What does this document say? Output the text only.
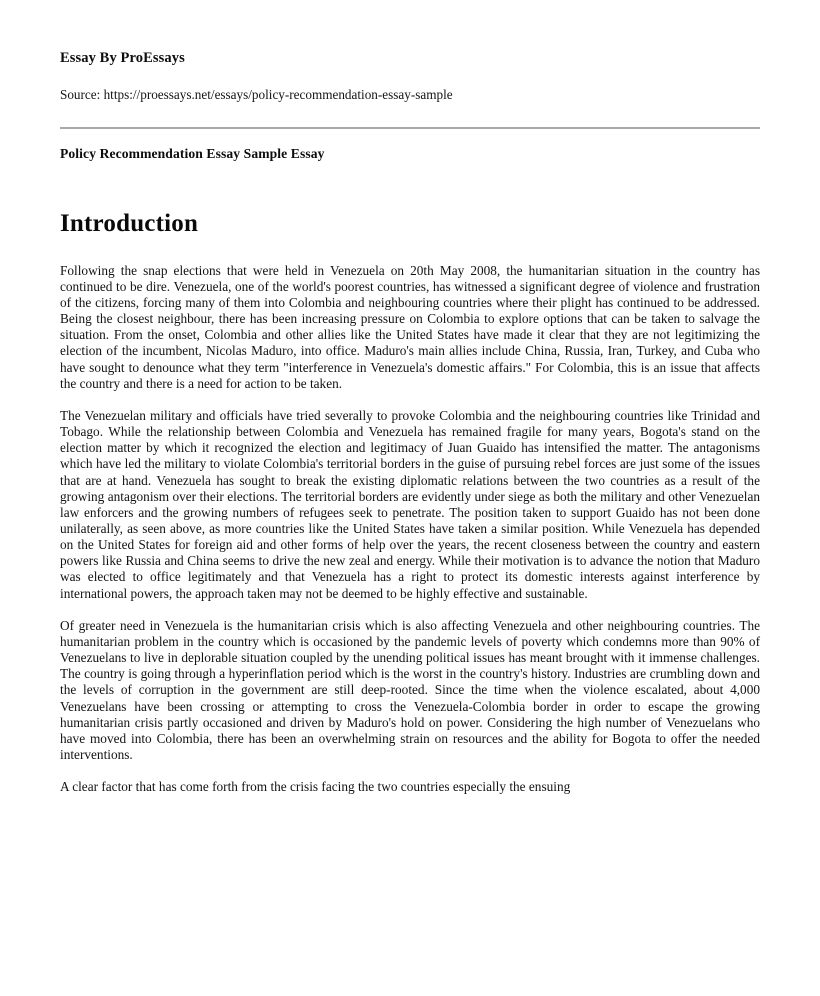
Essay By ProEssays
Source: https://proessays.net/essays/policy-recommendation-essay-sample
Policy Recommendation Essay Sample Essay
Introduction

Following the snap elections that were held in Venezuela on 20th May 2008, the humanitarian situation in the country has continued to be dire. Venezuela, one of the world's poorest countries, has witnessed a significant degree of violence and frustration of the citizens, forcing many of them into Colombia and neighbouring countries where their plight has continued to be addressed. Being the closest neighbour, there has been increasing pressure on Colombia to explore options that can be taken to salvage the situation. From the onset, Colombia and other allies like the United States have made it clear that they are not legitimizing the election of the incumbent, Nicolas Maduro, into office. Maduro's main allies include China, Russia, Iran, Turkey, and Cuba who have sought to denounce what they term "interference in Venezuela's domestic affairs." For Colombia, this is an issue that affects the country and there is a need for action to be taken.

The Venezuelan military and officials have tried severally to provoke Colombia and the neighbouring countries like Trinidad and Tobago. While the relationship between Colombia and Venezuela has remained fragile for many years, Bogota's stand on the election matter by which it recognized the election and legitimacy of Juan Guaido has intensified the matter. The antagonisms which have led the military to violate Colombia's territorial borders in the guise of pursuing rebel forces are just some of the issues that are at hand. Venezuela has sought to break the existing diplomatic relations between the two countries as a result of the growing antagonism over their elections. The territorial borders are evidently under siege as both the military and other Venezuelan law enforcers and the growing numbers of refugees seek to penetrate. The position taken to support Guaido has not been done unilaterally, as seen above, as more countries like the United States have taken a similar position. While Venezuela has depended on the United States for foreign aid and other forms of help over the years, the recent closeness between the country and eastern powers like Russia and China seems to drive the new zeal and energy. While their motivation is to advance the notion that Maduro was elected to office legitimately and that Venezuela has a right to protect its domestic interests against interference by international powers, the approach taken may not be deemed to be highly effective and sustainable.

Of greater need in Venezuela is the humanitarian crisis which is also affecting Venezuela and other neighbouring countries. The humanitarian problem in the country which is occasioned by the pandemic levels of poverty which condemns more than 90% of Venezuelans to live in deplorable situation coupled by the unending political issues has meant brought with it immense challenges. The country is going through a hyperinflation period which is the worst in the country's history. Industries are crumbling down and the levels of corruption in the government are still deep-rooted. Since the time when the violence escalated, about 4,000 Venezuelans have been crossing or attempting to cross the Venezuela-Colombia border in order to escape the growing humanitarian crisis partly occasioned and driven by Maduro's hold on power. Considering the high number of Venezuelans who have moved into Colombia, there has been an overwhelming strain on resources and the ability for Bogota to offer the needed interventions.

A clear factor that has come forth from the crisis facing the two countries especially the ensuing
